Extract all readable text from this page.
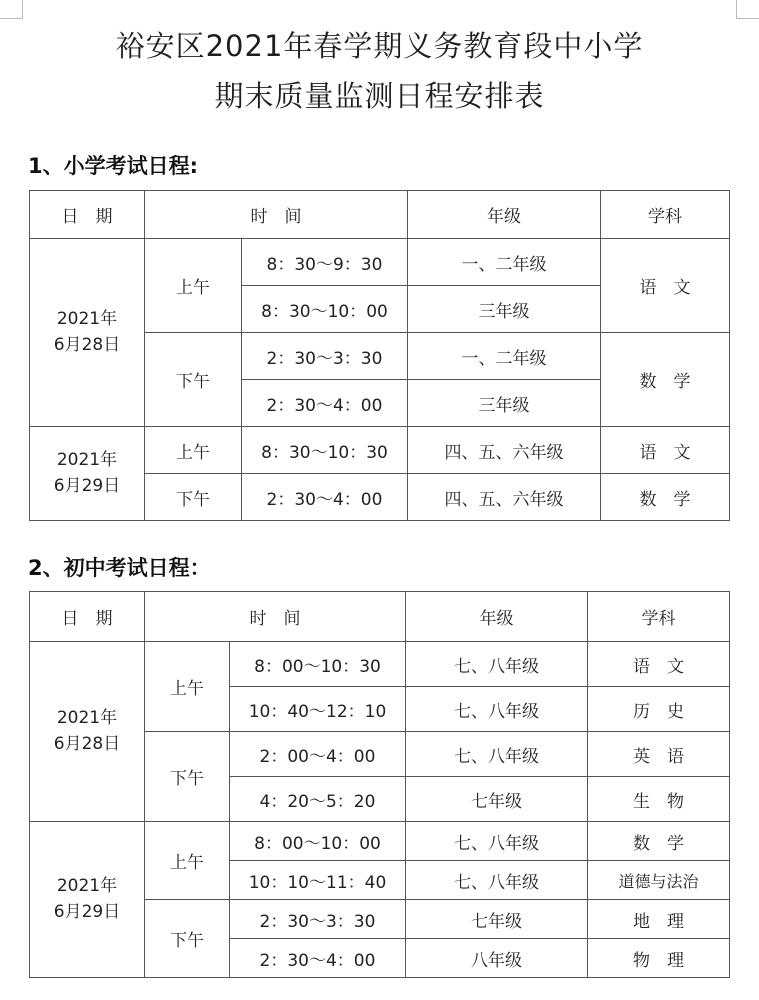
裕安区2021年春学期义务教育段中小学
期末质量监测日程安排表
1、小学考试日程:
日　期	时　间		年级	学科
2021年
6月28日	上午	8：30～9：30	一、二年级	语　文
		8：30～10：00	三年级	
	下午	2：30～3：30	一、二年级	数　学
		2：30～4：00	三年级	
2021年
6月29日	上午	8：30～10：30	四、五、六年级	语　文
	下午	2：30～4：00	四、五、六年级	数　学
2、初中考试日程：
日　期	时　间		年级	学科
2021年
6月28日	上午	8：00～10：30	七、八年级	语　文
		10：40～12：10	七、八年级	历　史
	下午	2：00～4：00	七、八年级	英　语
		4：20～5：20	七年级	生　物
2021年
6月29日	上午	8：00～10：00	七、八年级	数　学
		10：10～11：40	七、八年级	道德与法治
	下午	2：30～3：30	七年级	地　理
		2：30～4：00	八年级	物　理
